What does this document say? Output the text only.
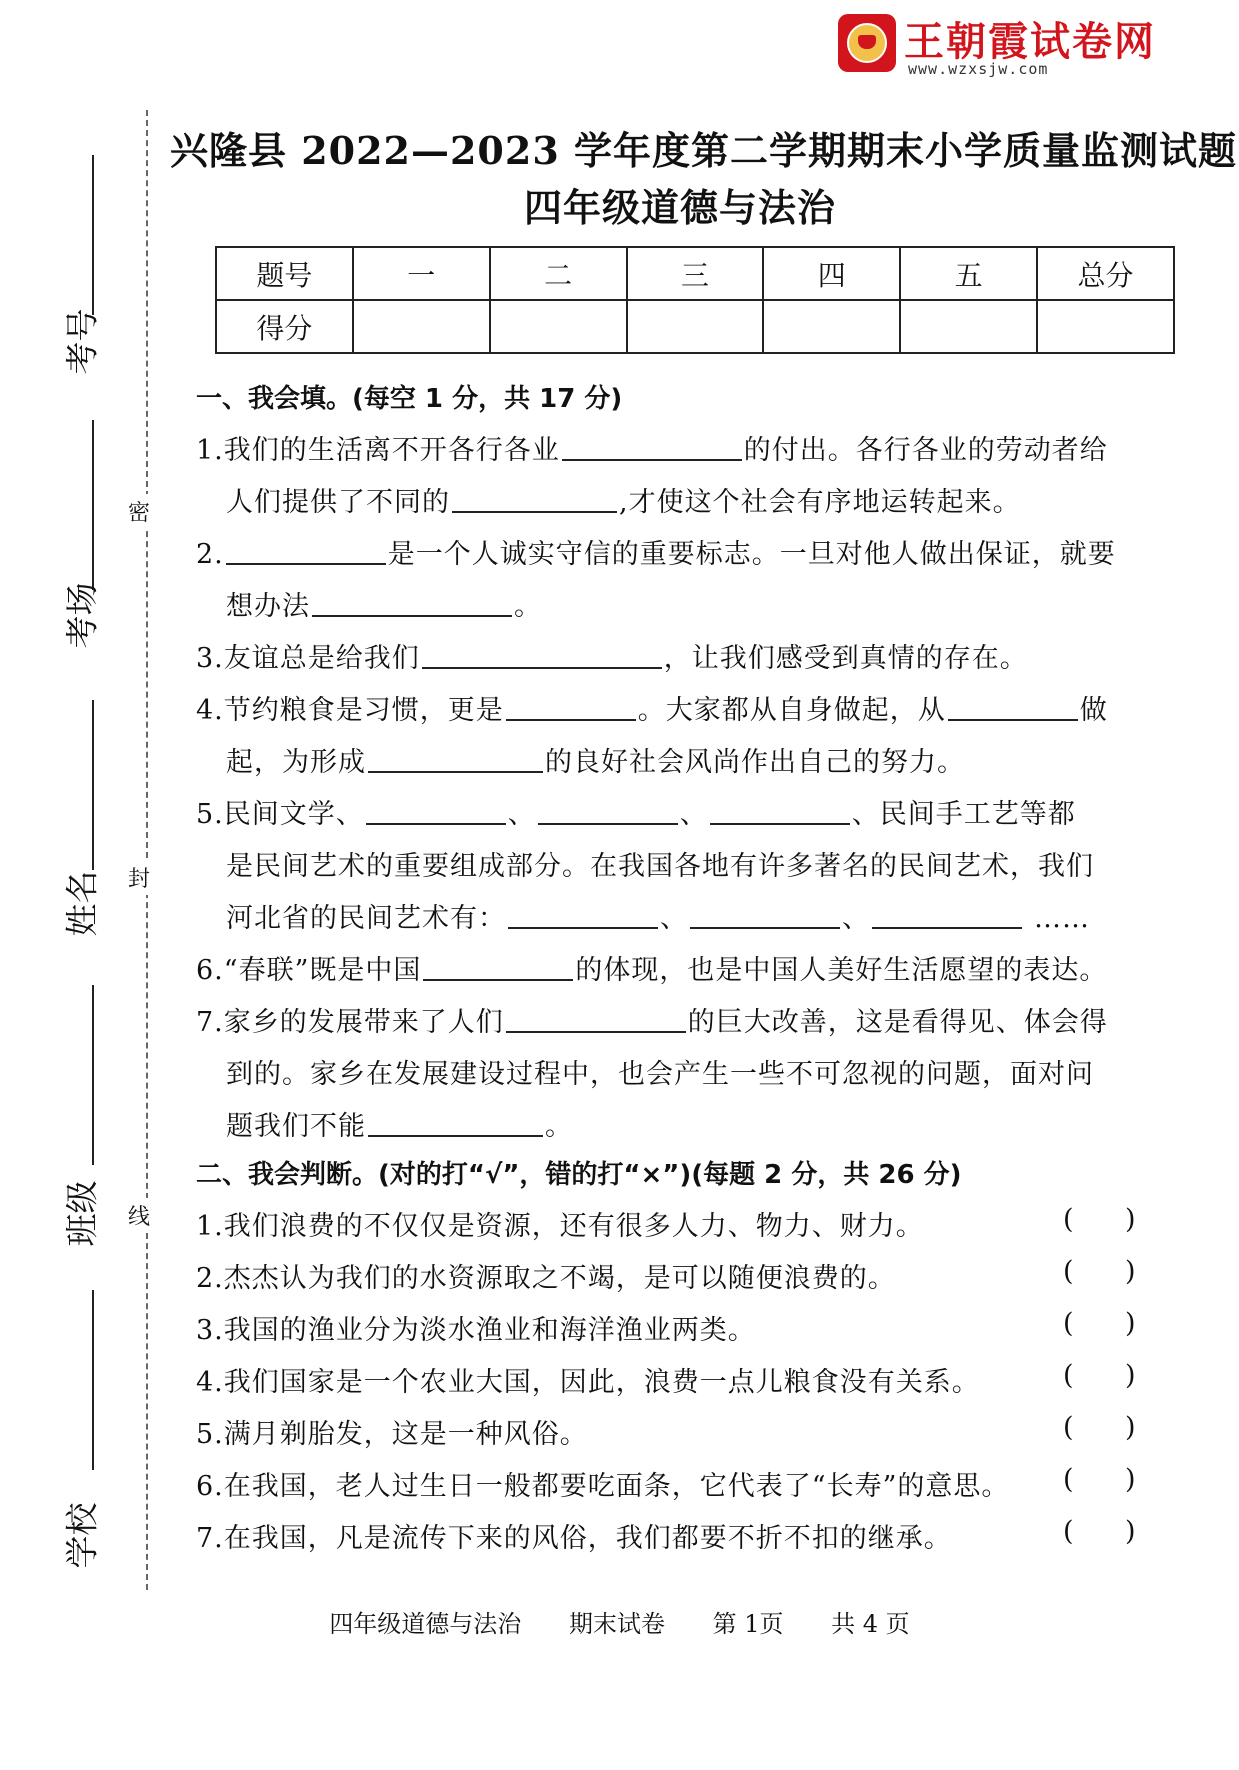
王朝霞试卷网
www.wzxsjw.com
考号
考场
姓名
班级
学校
密
封
线
兴隆县 2022—2023 学年度第二学期期末小学质量监测试题
四年级道德与法治
题号	一	二	三	四	五	总分
得分						
一、我会填。(每空 1 分，共 17 分)
1.我们的生活离不开各行各业	的付出。各行各业的劳动者给
人们提供了不同的	,才使这个社会有序地运转起来。
2.	是一个人诚实守信的重要标志。一旦对他人做出保证，就要
想办法	。
3.友谊总是给我们	，让我们感受到真情的存在。
4.节约粮食是习惯，更是	。大家都从自身做起，从	做
起，为形成	的良好社会风尚作出自己的努力。
5.民间文学、	、	、	、民间手工艺等都
是民间艺术的重要组成部分。在我国各地有许多著名的民间艺术，我们
河北省的民间艺术有：	、	、	……
6.“春联”既是中国	的体现，也是中国人美好生活愿望的表达。
7.家乡的发展带来了人们	的巨大改善，这是看得见、体会得
到的。家乡在发展建设过程中，也会产生一些不可忽视的问题，面对问
题我们不能	。
二、我会判断。(对的打“√”，错的打“×”)(每题 2 分，共 26 分)
1.我们浪费的不仅仅是资源，还有很多人力、物力、财力。	(      )
2.杰杰认为我们的水资源取之不竭，是可以随便浪费的。	(      )
3.我国的渔业分为淡水渔业和海洋渔业两类。	(      )
4.我们国家是一个农业大国，因此，浪费一点儿粮食没有关系。	(      )
5.满月剃胎发，这是一种风俗。	(      )
6.在我国，老人过生日一般都要吃面条，它代表了“长寿”的意思。 (      )
7.在我国，凡是流传下来的风俗，我们都要不折不扣的继承。	(      )
四年级道德与法治 期末试卷 第 1页 共 4 页
